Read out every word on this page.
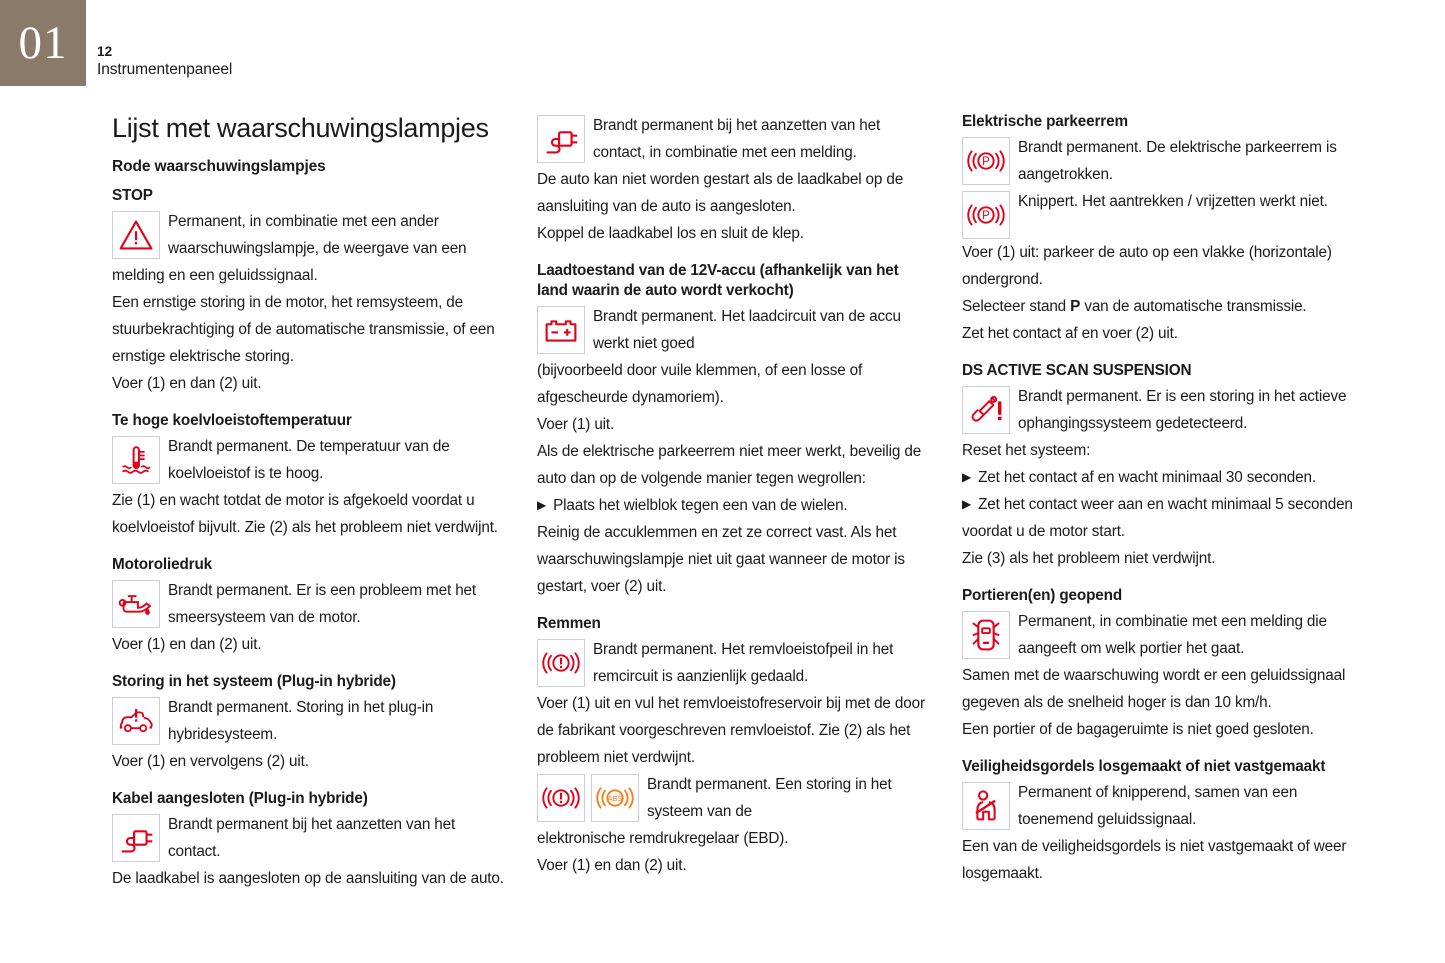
01	12
Instrumentenpaneel
Lijst met waarschuwingslampjes
Rode waarschuwingslampjes
STOP

Permanent, in combinatie met een ander waarschuwingslampje, de weergave van een melding en een geluidssignaal.

Een ernstige storing in de motor, het remsysteem, de stuurbekrachtiging of de automatische transmissie, of een ernstige elektrische storing.

Voer (1) en dan (2) uit.

Te hoge koelvloeistoftemperatuur

Brandt permanent. De temperatuur van de koelvloeistof is te hoog.

Zie (1) en wacht totdat de motor is afgekoeld voordat u koelvloeistof bijvult. Zie (2) als het probleem niet verdwijnt.

Motoroliedruk

Brandt permanent. Er is een probleem met het smeersysteem van de motor.

Voer (1) en dan (2) uit.

Storing in het systeem (Plug-in hybride)

Brandt permanent. Storing in het plug-in hybridesysteem.

Voer (1) en vervolgens (2) uit.

Kabel aangesloten (Plug-in hybride)

Brandt permanent bij het aanzetten van het contact.

De laadkabel is aangesloten op de aansluiting van de auto.

Brandt permanent bij het aanzetten van het contact, in combinatie met een melding.

De auto kan niet worden gestart als de laadkabel op de aansluiting van de auto is aangesloten.

Koppel de laadkabel los en sluit de klep.

Laadtoestand van de 12V-accu (afhankelijk van het land waarin de auto wordt verkocht)

Brandt permanent. Het laadcircuit van de accu werkt niet goed

(bijvoorbeeld door vuile klemmen, of een losse of afgescheurde dynamoriem).

Voer (1) uit.

Als de elektrische parkeerrem niet meer werkt, beveilig de auto dan op de volgende manier tegen wegrollen:

▶ Plaats het wielblok tegen een van de wielen.

Reinig de accuklemmen en zet ze correct vast. Als het waarschuwingslampje niet uit gaat wanneer de motor is gestart, voer (2) uit.

Remmen

Brandt permanent. Het remvloeistofpeil in het remcircuit is aanzienlijk gedaald.

Voer (1) uit en vul het remvloeistofreservoir bij met de door de fabrikant voorgeschreven remvloeistof. Zie (2) als het probleem niet verdwijnt.

ABS

Brandt permanent. Een storing in het systeem van de

elektronische remdrukregelaar (EBD).

Voer (1) en dan (2) uit.

Elektrische parkeerrem
P

Brandt permanent. De elektrische parkeerrem is aangetrokken.

P

Knippert. Het aantrekken / vrijzetten werkt niet.

Voer (1) uit: parkeer de auto op een vlakke (horizontale) ondergrond.

Selecteer stand P van de automatische transmissie.

Zet het contact af en voer (2) uit.

DS ACTIVE SCAN SUSPENSION

Brandt permanent. Er is een storing in het actieve ophangingssysteem gedetecteerd.

Reset het systeem:

▶ Zet het contact af en wacht minimaal 30 seconden.

▶ Zet het contact weer aan en wacht minimaal 5 seconden voordat u de motor start.

Zie (3) als het probleem niet verdwijnt.

Portieren(en) geopend

Permanent, in combinatie met een melding die aangeeft om welk portier het gaat.

Samen met de waarschuwing wordt er een geluidssignaal gegeven als de snelheid hoger is dan 10 km/h.

Een portier of de bagageruimte is niet goed gesloten.

Veiligheidsgordels losgemaakt of niet vastgemaakt

Permanent of knipperend, samen van een toenemend geluidssignaal.

Een van de veiligheidsgordels is niet vastgemaakt of weer losgemaakt.
